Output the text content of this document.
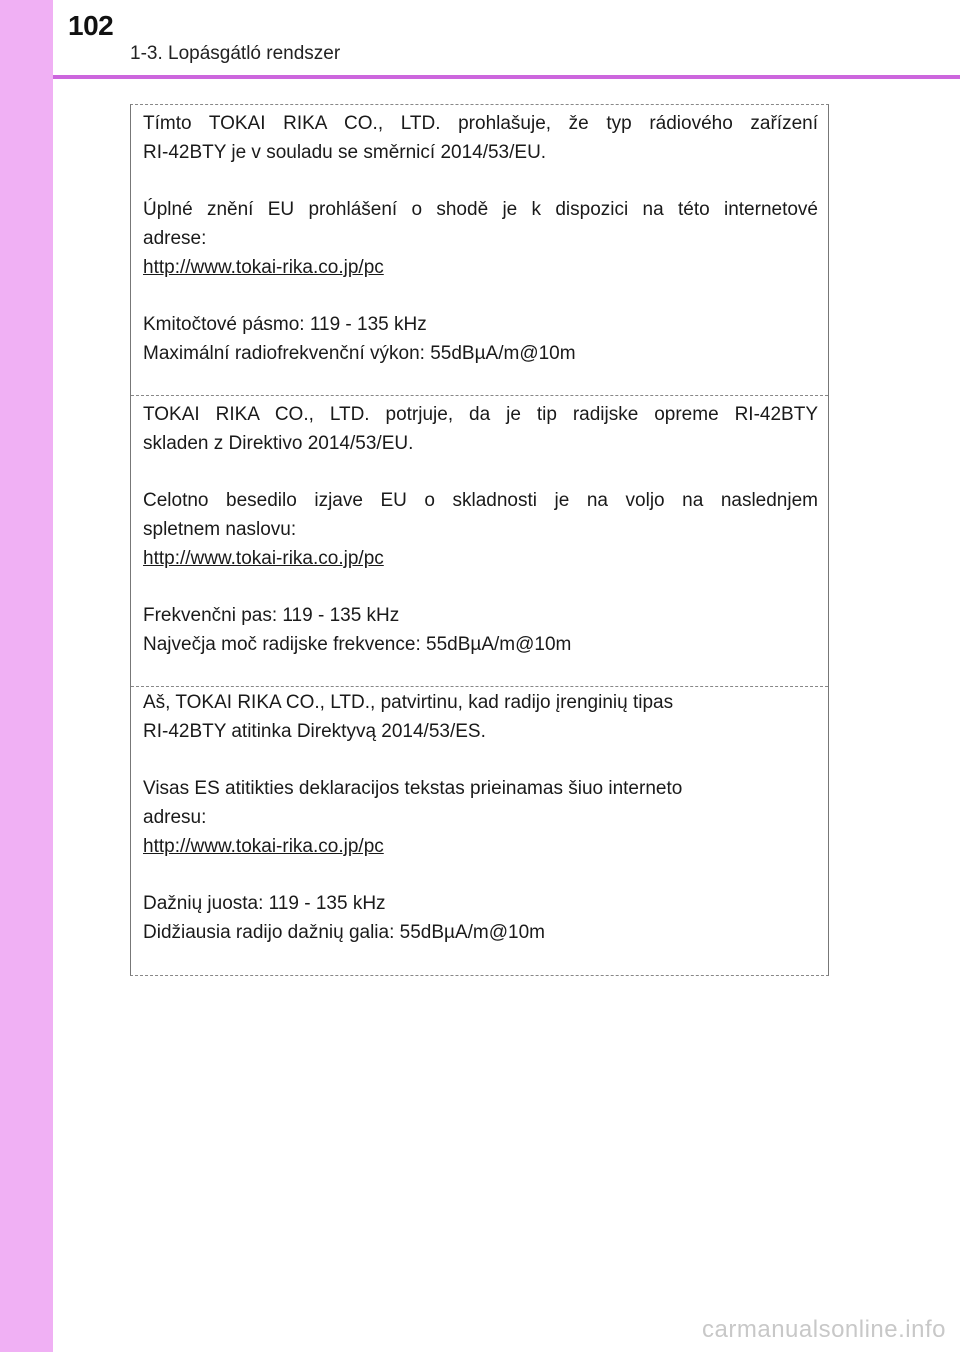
102
1-3. Lopásgátló rendszer

Tímto TOKAI RIKA CO., LTD. prohlašuje, že typ rádiového zařízení

RI-42BTY je v souladu se směrnicí 2014/53/EU.

Úplné znění EU prohlášení o shodě je k dispozici na této internetové

adrese:

http://www.tokai-rika.co.jp/pc

Kmitočtové pásmo: 119 - 135 kHz

Maximální radiofrekvenční výkon: 55dBµA/m@10m

TOKAI RIKA CO., LTD. potrjuje, da je tip radijske opreme RI-42BTY

skladen z Direktivo 2014/53/EU.

Celotno besedilo izjave EU o skladnosti je na voljo na naslednjem

spletnem naslovu:

http://www.tokai-rika.co.jp/pc

Frekvenčni pas: 119 - 135 kHz

Največja moč radijske frekvence: 55dBµA/m@10m

Aš, TOKAI RIKA CO., LTD., patvirtinu, kad radijo įrenginių tipas

RI-42BTY atitinka Direktyvą 2014/53/ES.

Visas ES atitikties deklaracijos tekstas prieinamas šiuo interneto

adresu:

http://www.tokai-rika.co.jp/pc

Dažnių juosta: 119 - 135 kHz

Didžiausia radijo dažnių galia: 55dBµA/m@10m

carmanualsonline.info
